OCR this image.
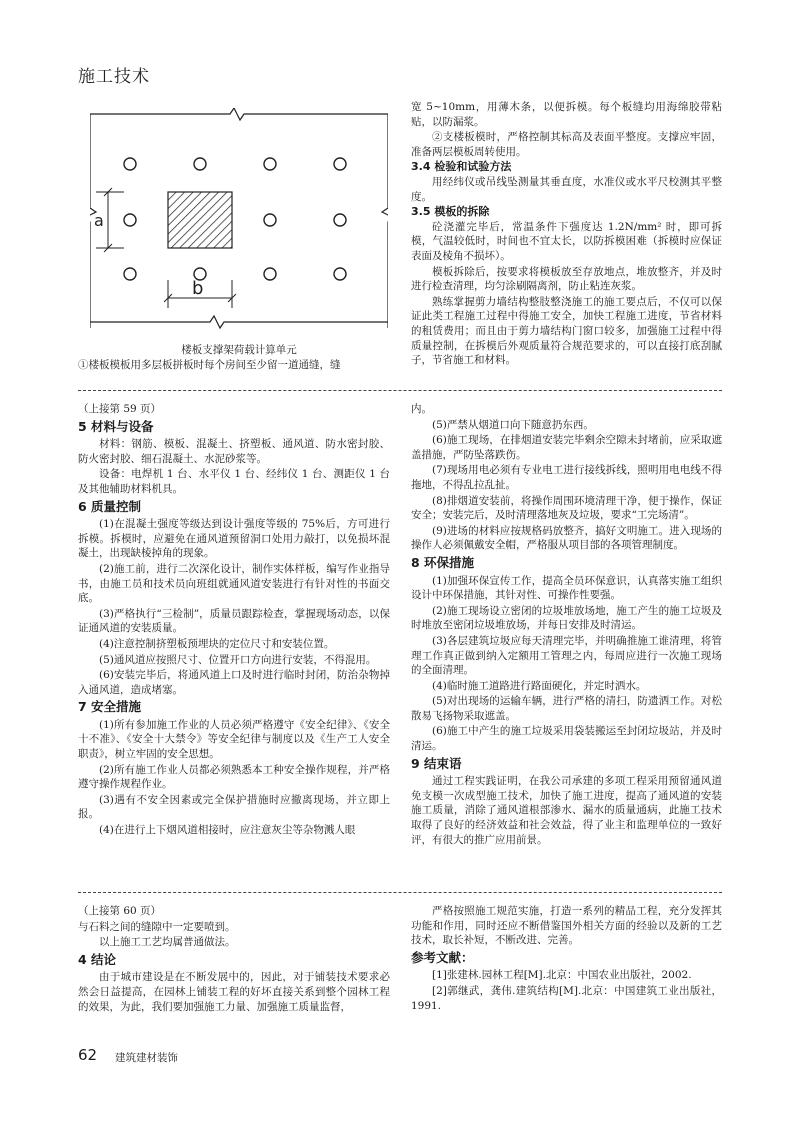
施工技术
a
b
楼板支撑架荷载计算单元
①楼板模板用多层板拼板时每个房间至少留一道通缝，缝

宽 5~10mm，用薄木条，以便拆模。每个板缝均用海绵胶带粘贴，以防漏浆。

②支楼板模时，严格控制其标高及表面平整度。支撑应牢固，准备两层模板周转使用。

3.4 检验和试验方法

用经纬仪或吊线坠测量其垂直度，水准仪或水平尺校测其平整度。

3.5 模板的拆除

砼浇灌完毕后，常温条件下强度达 1.2N/mm² 时，即可拆模，气温较低时，时间也不宜太长，以防拆模困难（拆模时应保证表面及棱角不损坏）。

模板拆除后，按要求将模板放至存放地点，堆放整齐，并及时进行检查清理，均匀涂刷隔离剂，防止粘连灰浆。

熟练掌握剪力墙结构整肢整浇施工的施工要点后，不仅可以保证此类工程施工过程中得施工安全，加快工程施工进度，节省材料的租赁费用；而且由于剪力墙结构门窗口较多，加强施工过程中得质量控制，在拆模后外观质量符合规范要求的，可以直接打底刮腻子，节省施工和材料。

（上接第 59 页）

5 材料与设备

材料：钢筋、模板、混凝土、挤塑板、通风道、防水密封胶、防火密封胶、细石混凝土、水泥砂浆等。

设备：电焊机 1 台、水平仪 1 台、经纬仪 1 台、测距仪 1 台及其他辅助材料机具。

6 质量控制

(1)在混凝土强度等级达到设计强度等级的 75%后，方可进行拆模。拆模时，应避免在通风道预留洞口处用力敲打，以免损坏混凝土，出现缺棱掉角的现象。

(2)施工前，进行二次深化设计，制作实体样板，编写作业指导书，由施工员和技术员向班组就通风道安装进行有针对性的书面交底。

(3)严格执行“三检制”，质量员跟踪检查，掌握现场动态，以保证通风道的安装质量。

(4)注意控制挤塑板预埋块的定位尺寸和安装位置。

(5)通风道应按照尺寸、位置开口方向进行安装，不得混用。

(6)安装完毕后，将通风道上口及时进行临时封闭，防治杂物掉入通风道，造成堵塞。

7 安全措施

(1)所有参加施工作业的人员必须严格遵守《安全纪律》、《安全十不准》、《安全十大禁令》等安全纪律与制度以及《生产工人安全职责》，树立牢固的安全思想。

(2)所有施工作业人员都必须熟悉本工种安全操作规程，并严格遵守操作规程作业。

(3)遇有不安全因素或完全保护措施时应撤离现场，并立即上报。

(4)在进行上下烟风道相接时，应注意灰尘等杂物溅人眼

内。

(5)严禁从烟道口向下随意扔东西。

(6)施工现场，在排烟道安装完毕剩余空隙未封堵前，应采取遮盖措施，严防坠落跌伤。

(7)现场用电必须有专业电工进行接线拆线，照明用电电线不得拖地，不得乱拉乱扯。

(8)排烟道安装前，将操作周围环境清理干净，便于操作，保证安全；安装完后，及时清理落地灰及垃圾，要求“工完场清”。

(9)进场的材料应按规格码放整齐，搞好文明施工。进入现场的操作人必须佩戴安全帽，严格服从项目部的各项管理制度。

8 环保措施

(1)加强环保宣传工作，提高全员环保意识，认真落实施工组织设计中环保措施，其针对性、可操作性要强。

(2)施工现场设立密闭的垃圾堆放场地，施工产生的施工垃圾及时堆放至密闭垃圾堆放场，并每日安排及时清运。

(3)各层建筑垃圾应每天清理完毕，并明确推施工谁清理，将管理工作真正做到纳入定额用工管理之内，每周应进行一次施工现场的全面清理。

(4)临时施工道路进行路面硬化，并定时洒水。

(5)对出现场的运输车辆，进行严格的清扫，防遗洒工作。对松散易飞扬物采取遮盖。

(6)施工中产生的施工垃圾采用袋装搬运至封闭垃圾站，并及时清运。

9 结束语

通过工程实践证明，在我公司承建的多项工程采用预留通风道免支模一次成型施工技术，加快了施工进度，提高了通风道的安装施工质量，消除了通风道根部渗水、漏水的质量通病，此施工技术取得了良好的经济效益和社会效益，得了业主和监理单位的一致好评，有很大的推广应用前景。

（上接第 60 页）

与石料之间的缝隙中一定要喷到。

以上施工工艺均属普通做法。

4 结论

由于城市建设是在不断发展中的，因此，对于铺装技术要求必然会日益提高，在园林上铺装工程的好坏直接关系到整个园林工程的效果，为此，我们要加强施工力量、加强施工质量监督，

严格按照施工规范实施，打造一系列的精品工程，充分发挥其功能和作用，同时还应不断借鉴国外相关方面的经验以及新的工艺技术，取长补短，不断改进、完善。

参考文献：

[1]张建林.园林工程[M].北京：中国农业出版社，2002.

[2]郭继武，龚伟.建筑结构[M].北京：中国建筑工业出版社，1991.

62 建筑建材装饰
